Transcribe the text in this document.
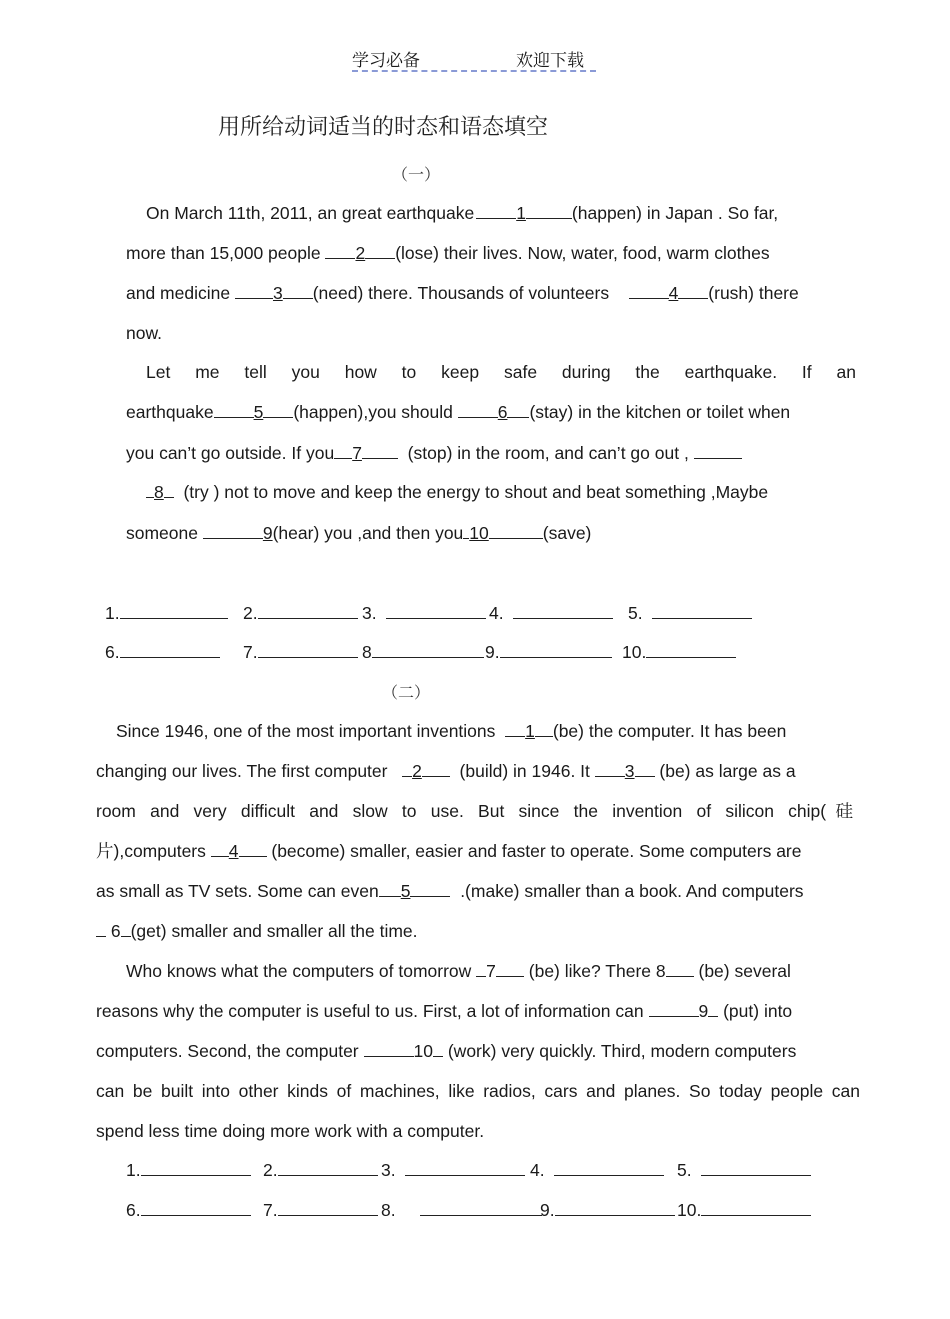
学习必备	欢迎下载
用所给动词适当的时态和语态填空
（一）
On March 11th, 2011, an great earthquake 1	(happen) in Japan . So far,
more than 15,000 people 2 (lose) their lives. Now, water, food, warm clothes
and medicine 3 (need) there. Thousands of volunteers	4 (rush) there
now.
Let me tell you how to keep safe during the earthquake. If an
earthquake 5 (happen),you should	6 (stay) in the kitchen or toilet when
you can’t go outside. If you 7	(stop) in the room, and can’t go out ,
8 (try ) not to move and keep the energy to shout and beat something ,Maybe
someone	9(hear) you ,and then you 10	(save)
1.	2.	3.	4.	5.
6.	7.	8	9.	10.
（二）
Since 1946, one of the most important inventions 1 (be) the computer. It has been
changing our lives. The first computer 2 (build) in 1946. It 3 (be) as large as a
room and very difficult and slow to use. But since the invention of silicon chip(硅
片),computers 4 (become) smaller, easier and faster to operate. Some computers are
as small as TV sets. Some can even 5	.(make) smaller than a book. And computers
6 (get) smaller and smaller all the time.
Who knows what the computers of tomorrow 7 (be) like? There 8 (be) several
reasons why the computer is useful to us. First, a lot of information can	9 (put) into
computers. Second, the computer	10 (work) very quickly. Third, modern computers
can be built into other kinds of machines, like radios, cars and planes. So today people can
spend less time doing more work with a computer.
1.	2.	3.	4.	5.
6.	7.	8.	9.	10.
